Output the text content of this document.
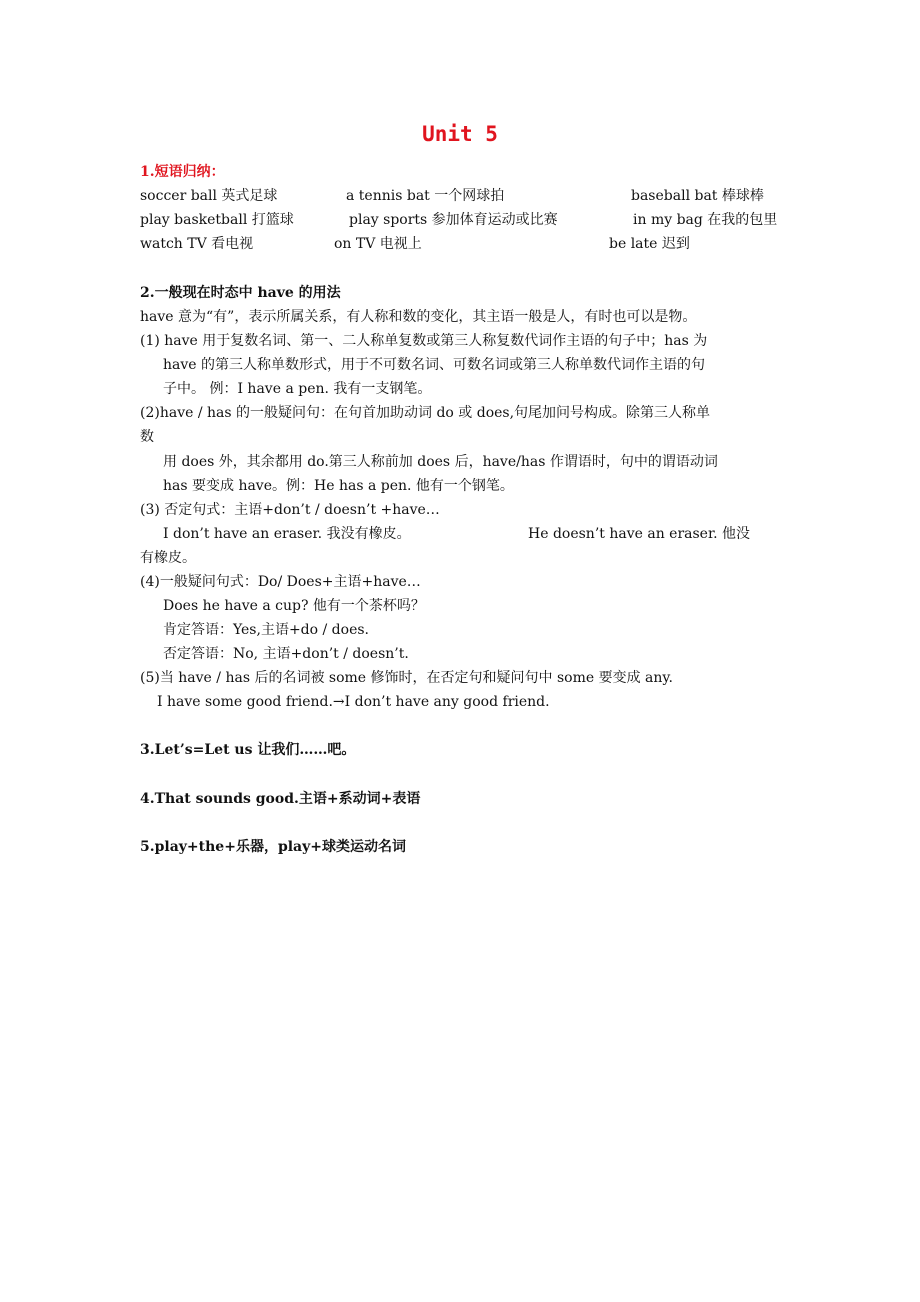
Unit 5
1.短语归纳：
soccer ball 英式足球	a tennis bat 一个网球拍	baseball bat 棒球棒
play basketball 打篮球	play sports 参加体育运动或比赛	in my bag 在我的包里
watch TV 看电视	on TV 电视上	be late 迟到
2.一般现在时态中 have 的用法
have 意为“有”，表示所属关系，有人称和数的变化，其主语一般是人，有时也可以是物。
(1) have 用于复数名词、第一、二人称单复数或第三人称复数代词作主语的句子中；has 为
have 的第三人称单数形式，用于不可数名词、可数名词或第三人称单数代词作主语的句
子中。 例：I have a pen. 我有一支钢笔。
(2)have / has 的一般疑问句：在句首加助动词 do 或 does,句尾加问号构成。除第三人称单
数
用 does 外，其余都用 do.第三人称前加 does 后，have/has 作谓语时，句中的谓语动词
has 要变成 have。例：He has a pen. 他有一个钢笔。
(3) 否定句式：主语+don’t / doesn’t +have…
I don’t have an eraser. 我没有橡皮。	He doesn’t have an eraser. 他没
有橡皮。
(4)一般疑问句式：Do/ Does+主语+have…
Does he have a cup? 他有一个茶杯吗？
肯定答语：Yes,主语+do / does.
否定答语：No, 主语+don’t / doesn’t.
(5)当 have / has 后的名词被 some 修饰时，在否定句和疑问句中 some 要变成 any.
I have some good friend.→I don’t have any good friend.
3.Let’s=Let us 让我们……吧。
4.That sounds good.主语+系动词+表语
5.play+the+乐器，play+球类运动名词
